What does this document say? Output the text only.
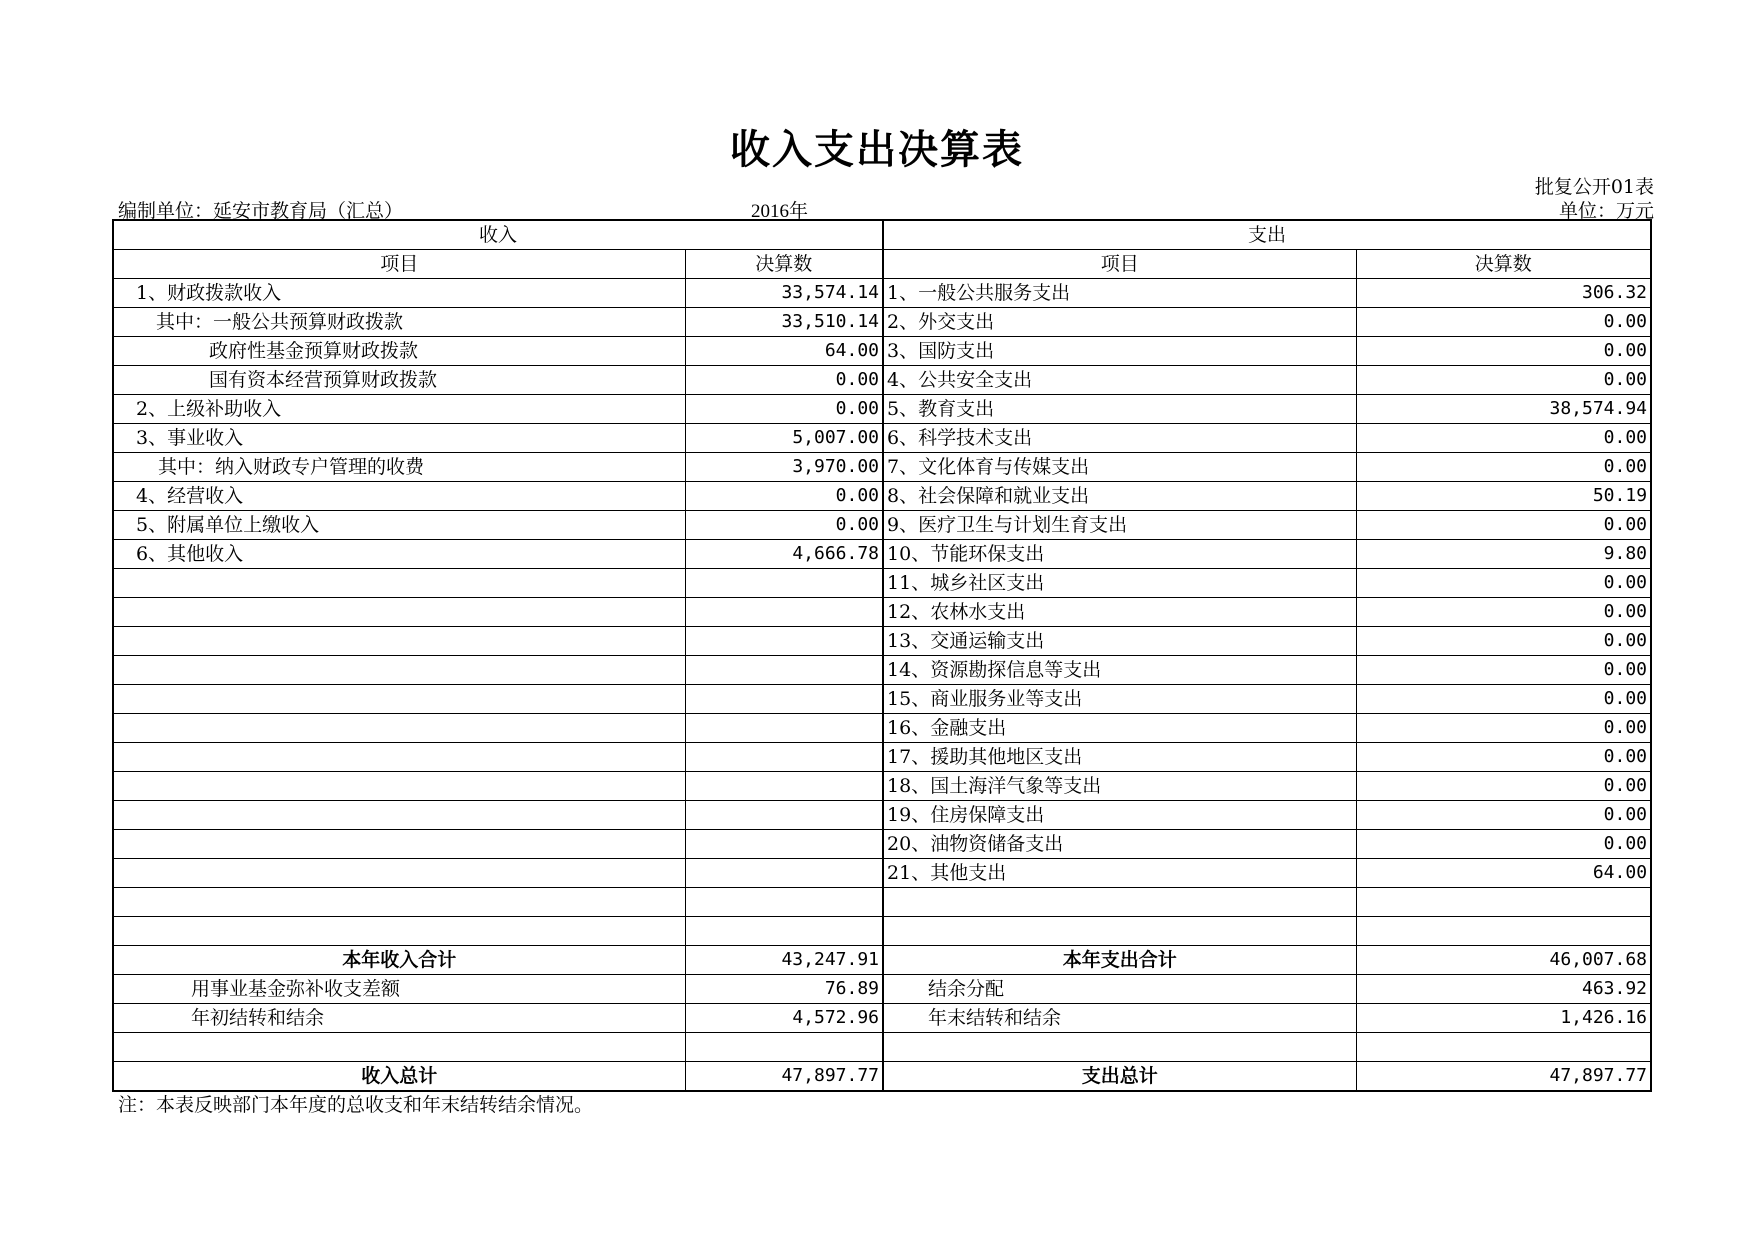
收入支出决算表
批复公开01表
编制单位：延安市教育局（汇总）	2016年	单位：万元
收入		支出	
项目	决算数	项目	决算数
1、财政拨款收入	33,574.14	1、一般公共服务支出	306.32
其中：一般公共预算财政拨款	33,510.14	2、外交支出	0.00
政府性基金预算财政拨款	64.00	3、国防支出	0.00
国有资本经营预算财政拨款	0.00	4、公共安全支出	0.00
2、上级补助收入	0.00	5、教育支出	38,574.94
3、事业收入	5,007.00	6、科学技术支出	0.00
其中：纳入财政专户管理的收费	3,970.00	7、文化体育与传媒支出	0.00
4、经营收入	0.00	8、社会保障和就业支出	50.19
5、附属单位上缴收入	0.00	9、医疗卫生与计划生育支出	0.00
6、其他收入	4,666.78	10、节能环保支出	9.80
		11、城乡社区支出	0.00
		12、农林水支出	0.00
		13、交通运输支出	0.00
		14、资源勘探信息等支出	0.00
		15、商业服务业等支出	0.00
		16、金融支出	0.00
		17、援助其他地区支出	0.00
		18、国土海洋气象等支出	0.00
		19、住房保障支出	0.00
		20、油物资储备支出	0.00
		21、其他支出	64.00

本年收入合计	43,247.91	本年支出合计	46,007.68
用事业基金弥补收支差额	76.89	结余分配	463.92
年初结转和结余	4,572.96	年末结转和结余	1,426.16

收入总计	47,897.77	支出总计	47,897.77
注：本表反映部门本年度的总收支和年末结转结余情况。
